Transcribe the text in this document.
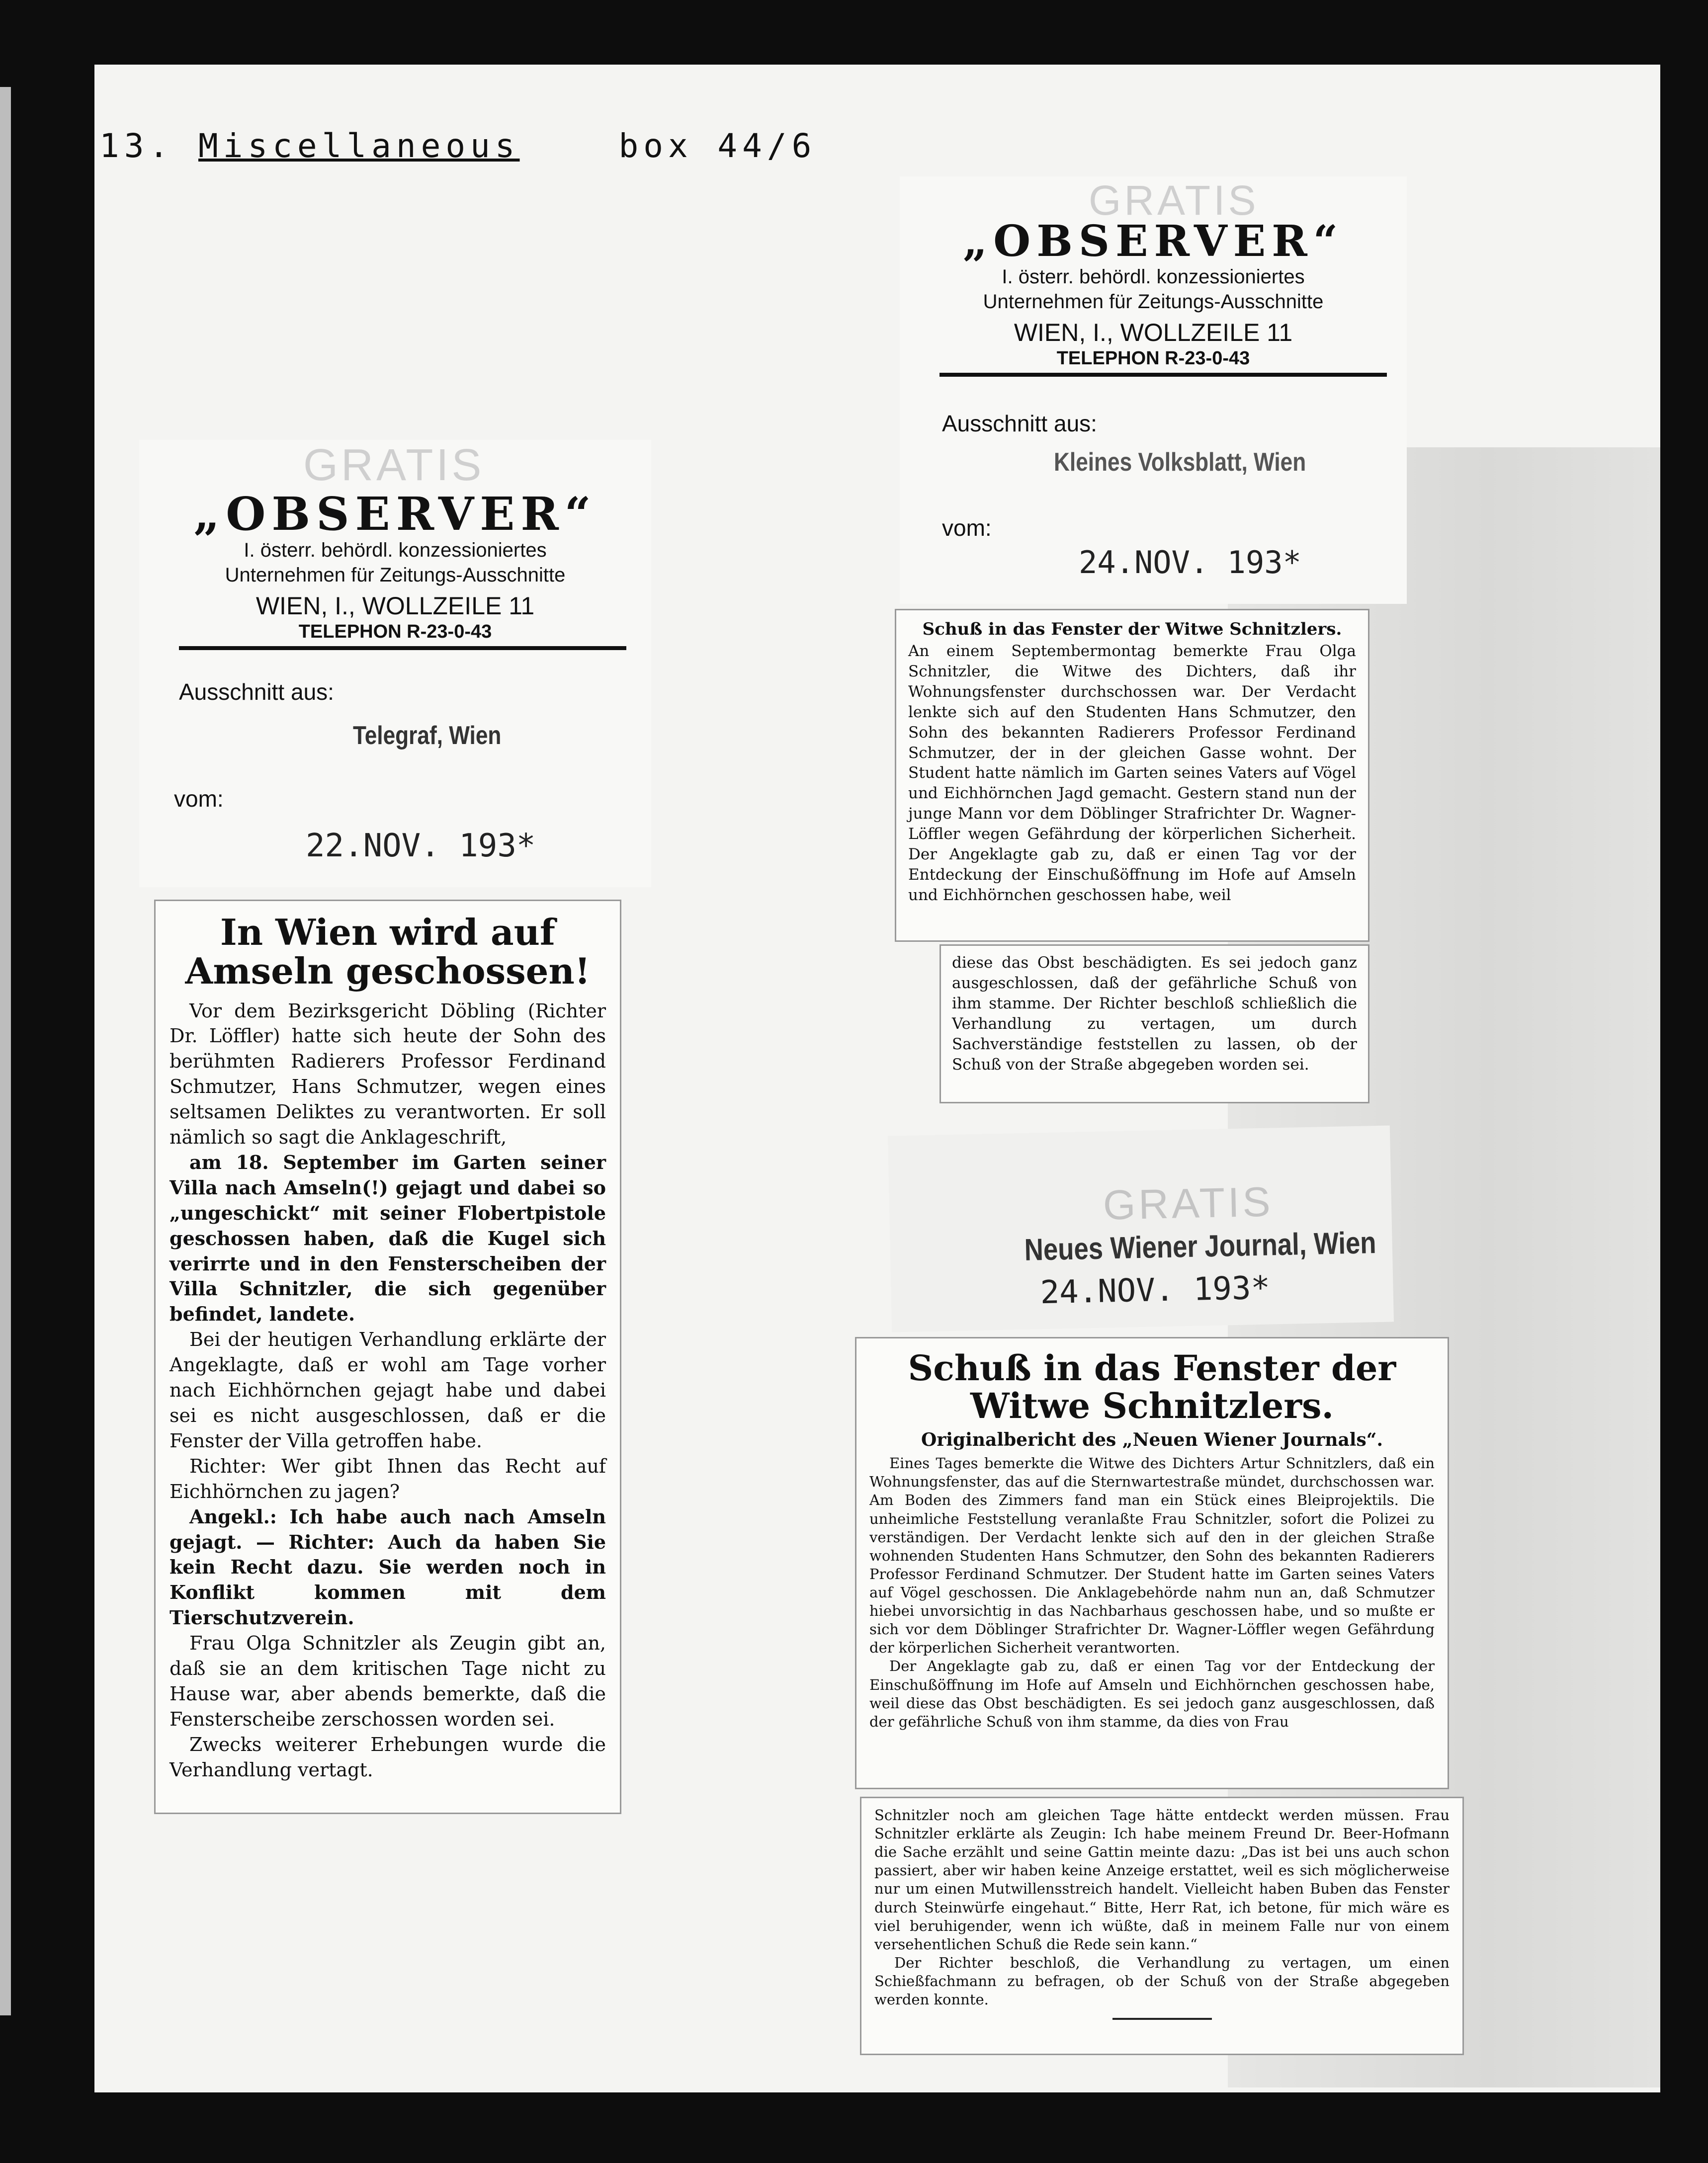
13. Miscellaneous	box 44/6
GRATIS
„OBSERVER“
I. österr. behördl. konzessioniertes
Unternehmen für Zeitungs-Ausschnitte
WIEN, I., WOLLZEILE 11
TELEPHON R-23-0-43
Ausschnitt aus:
Telegraf, Wien
vom:
22.NOV. 193*
In Wien wird auf Amseln geschossen!

Vor dem Bezirksgericht Döbling (Richter Dr. Löffler) hatte sich heute der Sohn des berühmten Radierers Professor Ferdinand Schmutzer, Hans Schmutzer, wegen eines seltsamen Deliktes zu verantworten. Er soll nämlich so sagt die Anklageschrift,

am 18. September im Garten seiner Villa nach Amseln(!) gejagt und dabei so „ungeschickt“ mit seiner Flobertpistole geschossen haben, daß die Kugel sich verirrte und in den Fensterscheiben der Villa Schnitzler, die sich gegenüber befindet, landete.

Bei der heutigen Verhandlung erklärte der Angeklagte, daß er wohl am Tage vorher nach Eichhörnchen gejagt habe und dabei sei es nicht ausgeschlossen, daß er die Fenster der Villa getroffen habe.

Richter: Wer gibt Ihnen das Recht auf Eichhörnchen zu jagen?

Angekl.: Ich habe auch nach Amseln gejagt. — Richter: Auch da haben Sie kein Recht dazu. Sie werden noch in Konflikt kommen mit dem Tierschutzverein.

Frau Olga Schnitzler als Zeugin gibt an, daß sie an dem kritischen Tage nicht zu Hause war, aber abends bemerkte, daß die Fensterscheibe zerschossen worden sei.

Zwecks weiterer Erhebungen wurde die Verhandlung vertagt.

GRATIS
„OBSERVER“
I. österr. behördl. konzessioniertes
Unternehmen für Zeitungs-Ausschnitte
WIEN, I., WOLLZEILE 11
TELEPHON R-23-0-43
Ausschnitt aus:
Kleines Volksblatt, Wien
vom:
24.NOV. 193*
Schuß in das Fenster der Witwe Schnitzlers.
An einem Septembermontag bemerkte Frau Olga Schnitzler, die Witwe des Dichters, daß ihr Wohnungsfenster durchschossen war. Der Verdacht lenkte sich auf den Studenten Hans Schmutzer, den Sohn des bekannten Radierers Professor Ferdinand Schmutzer, der in der gleichen Gasse wohnt. Der Student hatte nämlich im Garten seines Vaters auf Vögel und Eichhörnchen Jagd gemacht. Gestern stand nun der junge Mann vor dem Döblinger Strafrichter Dr. Wagner-Löffler wegen Gefährdung der körperlichen Sicherheit. Der Angeklagte gab zu, daß er einen Tag vor der Entdeckung der Einschußöffnung im Hofe auf Amseln und Eichhörnchen geschossen habe, weil
diese das Obst beschädigten. Es sei jedoch ganz ausgeschlossen, daß der gefährliche Schuß von ihm stamme. Der Richter beschloß schließlich die Verhandlung zu vertagen, um durch Sachverständige feststellen zu lassen, ob der Schuß von der Straße abgegeben worden sei.
GRATIS
Neues Wiener Journal, Wien
24.NOV. 193*
Schuß in das Fenster der Witwe Schnitzlers.
Originalbericht des „Neuen Wiener Journals“.

Eines Tages bemerkte die Witwe des Dichters Artur Schnitzlers, daß ein Wohnungsfenster, das auf die Sternwartestraße mündet, durchschossen war. Am Boden des Zimmers fand man ein Stück eines Bleiprojektils. Die unheimliche Feststellung veranlaßte Frau Schnitzler, sofort die Polizei zu verständigen. Der Verdacht lenkte sich auf den in der gleichen Straße wohnenden Studenten Hans Schmutzer, den Sohn des bekannten Radierers Professor Ferdinand Schmutzer. Der Student hatte im Garten seines Vaters auf Vögel geschossen. Die Anklagebehörde nahm nun an, daß Schmutzer hiebei unvorsichtig in das Nachbarhaus geschossen habe, und so mußte er sich vor dem Döblinger Strafrichter Dr. Wagner-Löffler wegen Gefährdung der körperlichen Sicherheit verantworten.

Der Angeklagte gab zu, daß er einen Tag vor der Entdeckung der Einschußöffnung im Hofe auf Amseln und Eichhörnchen geschossen habe, weil diese das Obst beschädigten. Es sei jedoch ganz ausgeschlossen, daß der gefährliche Schuß von ihm stamme, da dies von Frau

Schnitzler noch am gleichen Tage hätte entdeckt werden müssen. Frau Schnitzler erklärte als Zeugin: Ich habe meinem Freund Dr. Beer-Hofmann die Sache erzählt und seine Gattin meinte dazu: „Das ist bei uns auch schon passiert, aber wir haben keine Anzeige erstattet, weil es sich möglicherweise nur um einen Mutwillensstreich handelt. Vielleicht haben Buben das Fenster durch Steinwürfe eingehaut.“ Bitte, Herr Rat, ich betone, für mich wäre es viel beruhigender, wenn ich wüßte, daß in meinem Falle nur von einem versehentlichen Schuß die Rede sein kann.“

Der Richter beschloß, die Verhandlung zu vertagen, um einen Schießfachmann zu befragen, ob der Schuß von der Straße abgegeben werden konnte.
